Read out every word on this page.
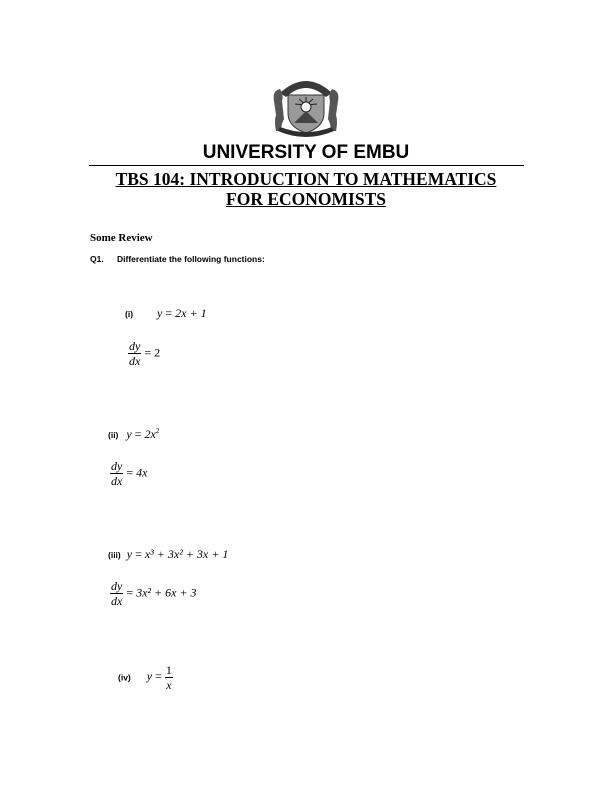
UNIVERSITY OF EMBU
TBS 104: INTRODUCTION TO MATHEMATICS
FOR ECONOMISTS
Some Review
Q1. Differentiate the following functions:
(i) y = 2x + 1
$\frac{dy}{dx} = 2$
(ii) $y = 2x^2$
$\frac{dy}{dx} = 4x$
(iii) y = x³ + 3x² + 3x + 1
$\frac{dy}{dx} = 3x^2 + 6x + 3$
(iv) $y = \frac{1}{x}$
